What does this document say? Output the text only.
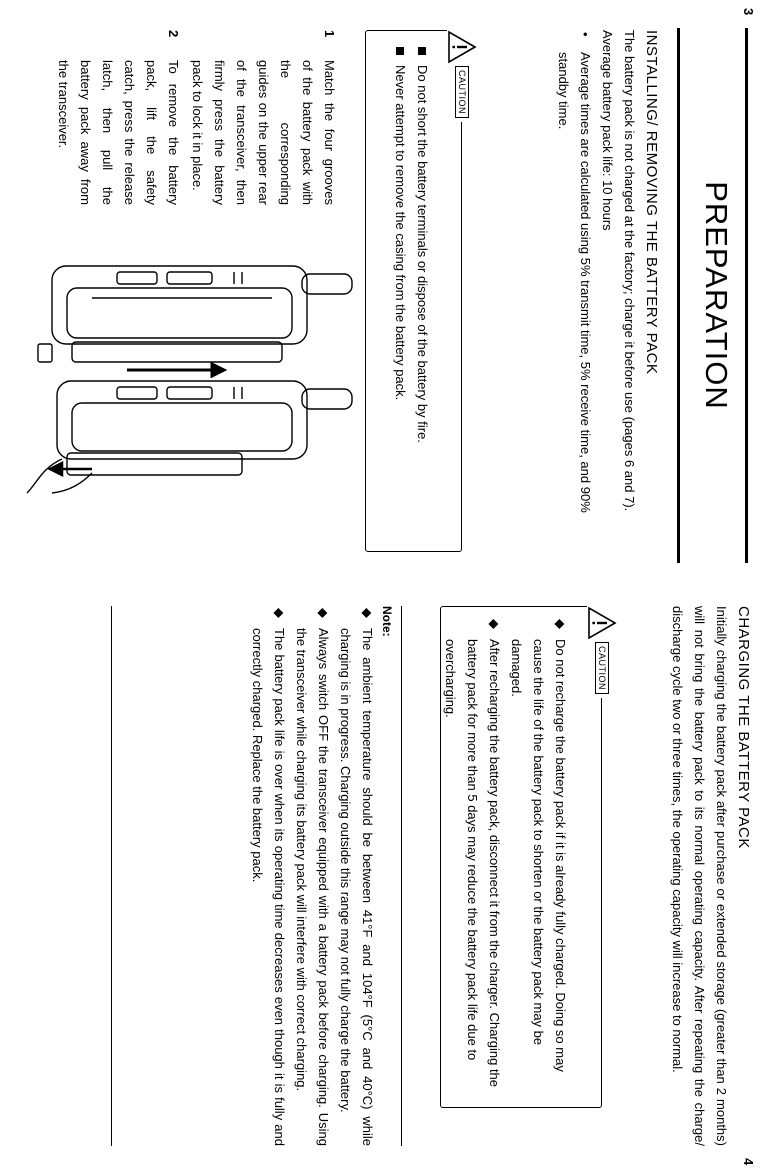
3
4
PREPARATION
INSTALLING/ REMOVING THE BATTERY PACK

The battery pack is not charged at the factory; charge it before use (pages 6 and 7).

Average battery pack life: 10 hours

•
Average times are calculated using 5% transmit time, 5% receive time, and 90% standby time.
Do not short the battery terminals or dispose of the battery by fire.
Never attempt to remove the casing from the battery pack.	CAUTION
1
Match the four grooves of the battery pack with the corresponding guides on the upper rear of the transceiver, then firmly press the battery pack to lock it in place.
2
To remove the battery pack, lift the safety catch, press the release latch, then pull the battery pack away from the transceiver.
CHARGING THE BATTERY PACK

Initially charging the battery pack after purchase or extended storage (greater than 2 months) will not bring the battery pack to its normal operating capacity. After repeating the charge/ discharge cycle two or three times, the operating capacity will increase to normal.

◆
Do not recharge the battery pack if it is already fully charged. Doing so may cause the life of the battery pack to shorten or the battery pack may be damaged.
◆
After recharging the battery pack, disconnect it from the charger. Charging the battery pack for more than 5 days may reduce the battery pack life due to overcharging.	CAUTION
Note:
◆
The ambient temperature should be between 41°F and 104°F (5°C and 40°C) while charging is in progress. Charging outside this range may not fully charge the battery.
◆
Always switch OFF the transceiver equipped with a battery pack before charging. Using the transceiver while charging its battery pack will interfere with correct charging.
◆
The battery pack life is over when its operating time decreases even though it is fully and correctly charged. Replace the battery pack.
